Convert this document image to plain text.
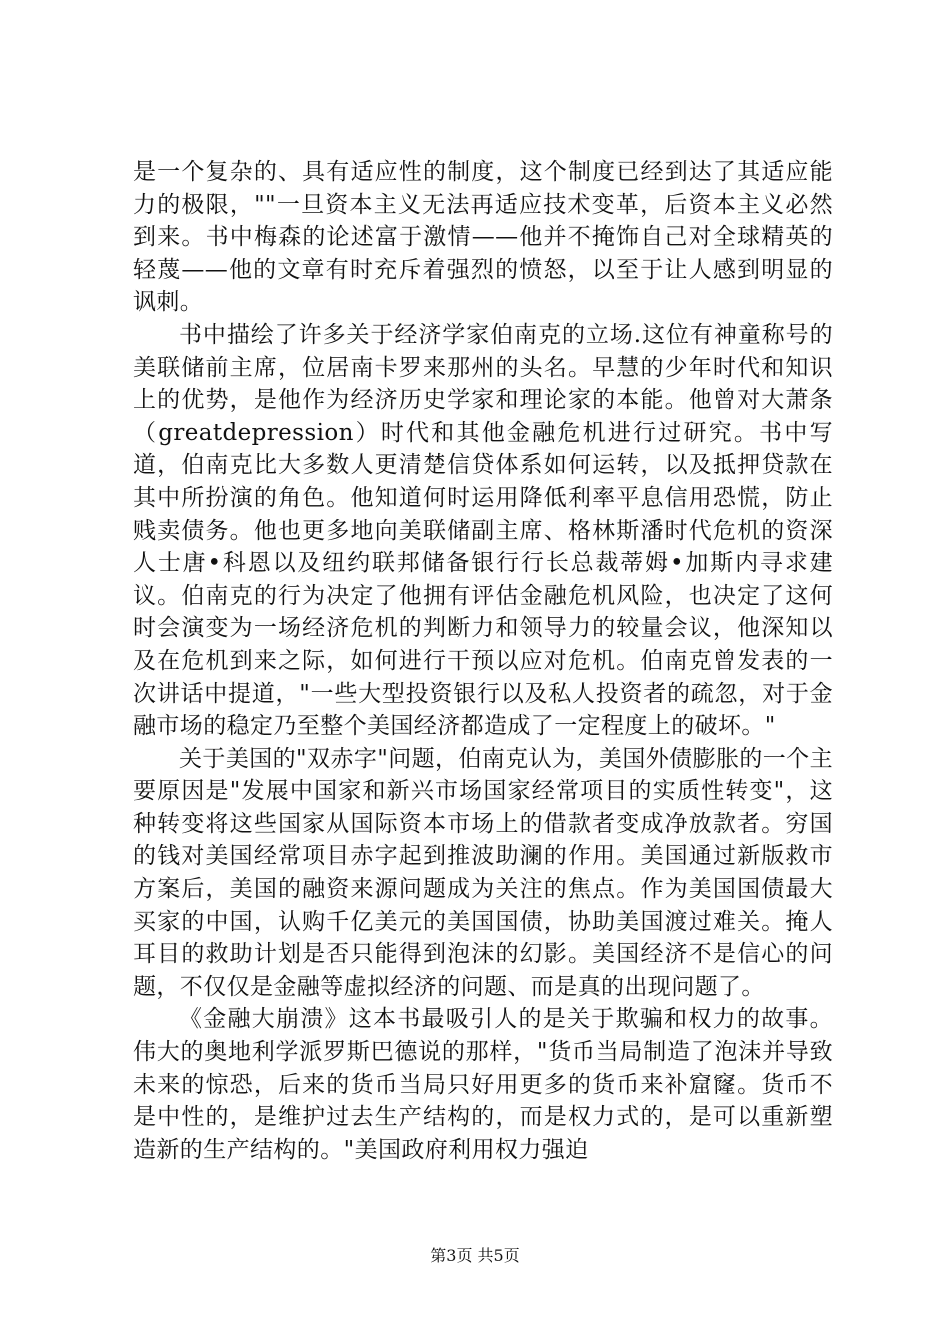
是一个复杂的、具有适应性的制度，这个制度已经到达了其适应能力的极限，""一旦资本主义无法再适应技术变革，后资本主义必然到来。书中梅森的论述富于激情——他并不掩饰自己对全球精英的轻蔑——他的文章有时充斥着强烈的愤怒，以至于让人感到明显的讽刺。

书中描绘了许多关于经济学家伯南克的立场.这位有神童称号的美联储前主席，位居南卡罗来那州的头名。早慧的少年时代和知识上的优势，是他作为经济历史学家和理论家的本能。他曾对大萧条（greatdepression）时代和其他金融危机进行过研究。书中写道，伯南克比大多数人更清楚信贷体系如何运转，以及抵押贷款在其中所扮演的角色。他知道何时运用降低利率平息信用恐慌，防止贱卖债务。他也更多地向美联储副主席、格林斯潘时代危机的资深人士唐•科恩以及纽约联邦储备银行行长总裁蒂姆•加斯内寻求建议。伯南克的行为决定了他拥有评估金融危机风险，也决定了这何时会演变为一场经济危机的判断力和领导力的较量会议，他深知以及在危机到来之际，如何进行干预以应对危机。伯南克曾发表的一次讲话中提道，"一些大型投资银行以及私人投资者的疏忽，对于金融市场的稳定乃至整个美国经济都造成了一定程度上的破坏。"

关于美国的"双赤字"问题，伯南克认为，美国外债膨胀的一个主要原因是"发展中国家和新兴市场国家经常项目的实质性转变"，这种转变将这些国家从国际资本市场上的借款者变成净放款者。穷国的钱对美国经常项目赤字起到推波助澜的作用。美国通过新版救市方案后，美国的融资来源问题成为关注的焦点。作为美国国债最大买家的中国，认购千亿美元的美国国债，协助美国渡过难关。掩人耳目的救助计划是否只能得到泡沫的幻影。美国经济不是信心的问题，不仅仅是金融等虚拟经济的问题、而是真的出现问题了。

《金融大崩溃》这本书最吸引人的是关于欺骗和权力的故事。伟大的奥地利学派罗斯巴德说的那样，"货币当局制造了泡沫并导致未来的惊恐，后来的货币当局只好用更多的货币来补窟窿。货币不是中性的，是维护过去生产结构的，而是权力式的，是可以重新塑造新的生产结构的。"美国政府利用权力强迫

第3页 共5页
